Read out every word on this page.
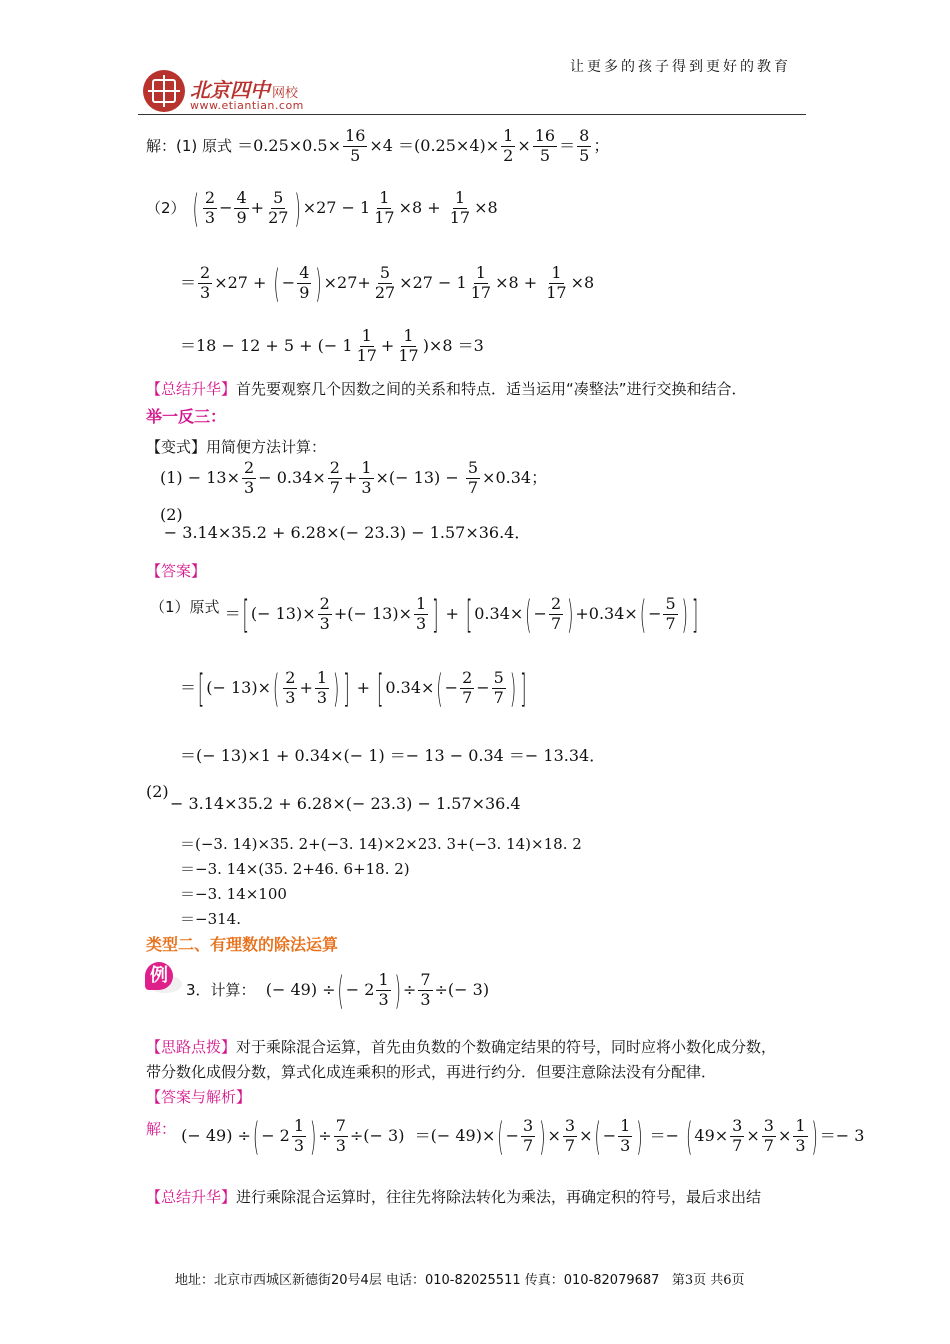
让更多的孩子得到更好的教育
北京四中 网校
www.etiantian.com
解：(1) 原式 $=0.25\times 0.5\times \frac{16}{5} \times 4 =(0.25\times 4)\times \frac{1}{2} \times \frac{16}{5} = \frac{8}{5}$ ；
（2） ( $\frac{2}{3} - \frac{4}{9} + \frac{5}{27}$ ) $\times 27 - 1 \frac{1}{17} \times 8 + \frac{1}{17} \times 8$
＝ $\frac{2}{3} \times 27$ + ( − $\frac{4}{9}$ ) $\times 27+ \frac{5}{27} \times 27 - 1 \frac{1}{17} \times 8 + \frac{1}{17} \times 8$
＝18 − 12 + 5 + (− $1 \frac{1}{17} + \frac{1}{17} )\times 8 =3$
【总结升华】首先要观察几个因数之间的关系和特点．适当运用“凑整法”进行交换和结合．
举一反三：
【变式】用简便方法计算：
$(1) - 13\times \frac{2}{3} - 0.34\times \frac{2}{7} + \frac{1}{3}$ ×(− $13) - \frac{5}{7} \times 0.34$；
(2) − 3.14×35.2 + 6.28×(− 23.3) − 1.57×36.4．
【答案】
（1）原式 ＝ [ (− $13)\times \frac{2}{3}$ +(− $13)\times \frac{1}{3}$ ] + [ 0.34× ( − $\frac{2}{7}$ ) +0.34× ( − $\frac{5}{7}$ ) ]
＝ [ (− 13)× ( $\frac{2}{3} + \frac{1}{3}$ ) ] + [ 0.34× ( − $\frac{2}{7} - \frac{5}{7}$ ) ]
＝(− 13)×1 + 0.34×(− 1) ＝− 13 − 0.34 ＝− 13.34．
(2)
− 3.14×35.2 + 6.28×(− 23.3) − 1.57×36.4
＝(−3. 14)×35. 2+(−3. 14)×2×23. 3+(−3. 14)×18. 2
＝−3. 14×(35. 2+46. 6+18. 2)
＝−3. 14×100
＝−314.
类型二、有理数的除法运算
例
3．计算：  (− 49) ÷ ( − $2 \frac{1}{3}$ ) ÷ $\frac{7}{3}$ ÷(− 3)
【思路点拨】对于乘除混合运算，首先由负数的个数确定结果的符号，同时应将小数化成分数，
带分数化成假分数，算式化成连乘积的形式，再进行约分．但要注意除法没有分配律．
【答案与解析】
解： (− 49) ÷ ( − $2 \frac{1}{3}$ ) ÷ $\frac{7}{3}$ ÷(− 3)  ＝(− 49)× ( − $\frac{3}{7}$ ) × $\frac{3}{7}$ × ( − $\frac{1}{3}$ ) ＝− ( $49\times \frac{3}{7} \times \frac{3}{7} \times \frac{1}{3}$ ) ＝− 3
【总结升华】进行乘除混合运算时，往往先将除法转化为乘法，再确定积的符号，最后求出结
地址：北京市西城区新德街20号4层 电话：010-82025511 传真：010-82079687 第3页 共6页
